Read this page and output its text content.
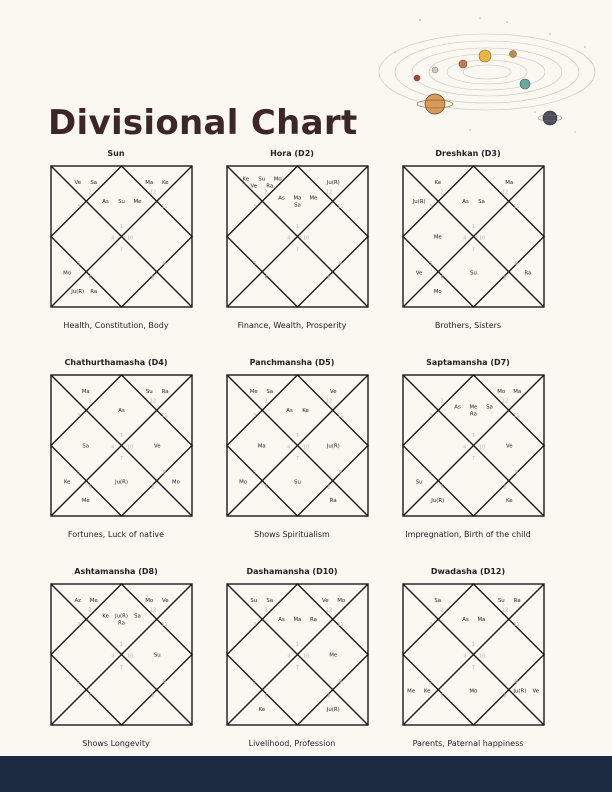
Divisional Chart
Sun
1
2
3
4
5
6
7
8
9
10
11
12
As Su Me
Ve Sa
Mo
Ju(R) Ra
Ma Ke
Health, Constitution, Body
Hora (D2)
1
2
3
4
5
6
7
8
9
10
11
12
As Ma Me
Sa
Ke Su Mo
Ve Ra
Ju(R)
Finance, Wealth, Prosperity
Dreshkan (D3)
1
2
3
4
5
6
7
8
9
10
11
12
As Sa
Ke
Ju(R)
Me
Ve
Mo
Su	Ra
Ma
Brothers, Sisters
Chathurthamasha (D4)
1
2
3
4
5
6
7
8
9
10
11
12
As
Ma
Sa
Ke
Me
Ju(R)	Mo
Ve
Su Ra
Fortunes, Luck of native
Panchmansha (D5)
1
2
3
4
5
6
7
8
9
10
11
12
As Ke
Me Sa
Ma
Mo	Su
Ra
Ju(R)
Ve
Shows Spiritualism
Saptamansha (D7)
1
2
3
4
5
6
7
8
9
10
11
12
As Me Sa
Ra
Su
Ju(R)	Ke
Ve
Mo Ma
Impregnation, Birth of the child
Ashtamansha (D8)
1
2
3
4
5
6
7
8
9
10
11
12
Ke Ju(R) Sa
Ra
Az Me
Su
Mo Ve
Shows Longevity
Dashamansha (D10)
1
2
3
4
5
6
7
8
9
10
11
12
As Ma Ra
Su Sa
Ke	Ju(R)
Me
Ve Mo
Livelihood, Profession
Dwadasha (D12)
1
2
3
4
5
6
7
8
9
10
11
12
As Ma
Sa
Me Ke	Mo	Ju(R) Ve
Su Ra
Parents, Paternal happiness
